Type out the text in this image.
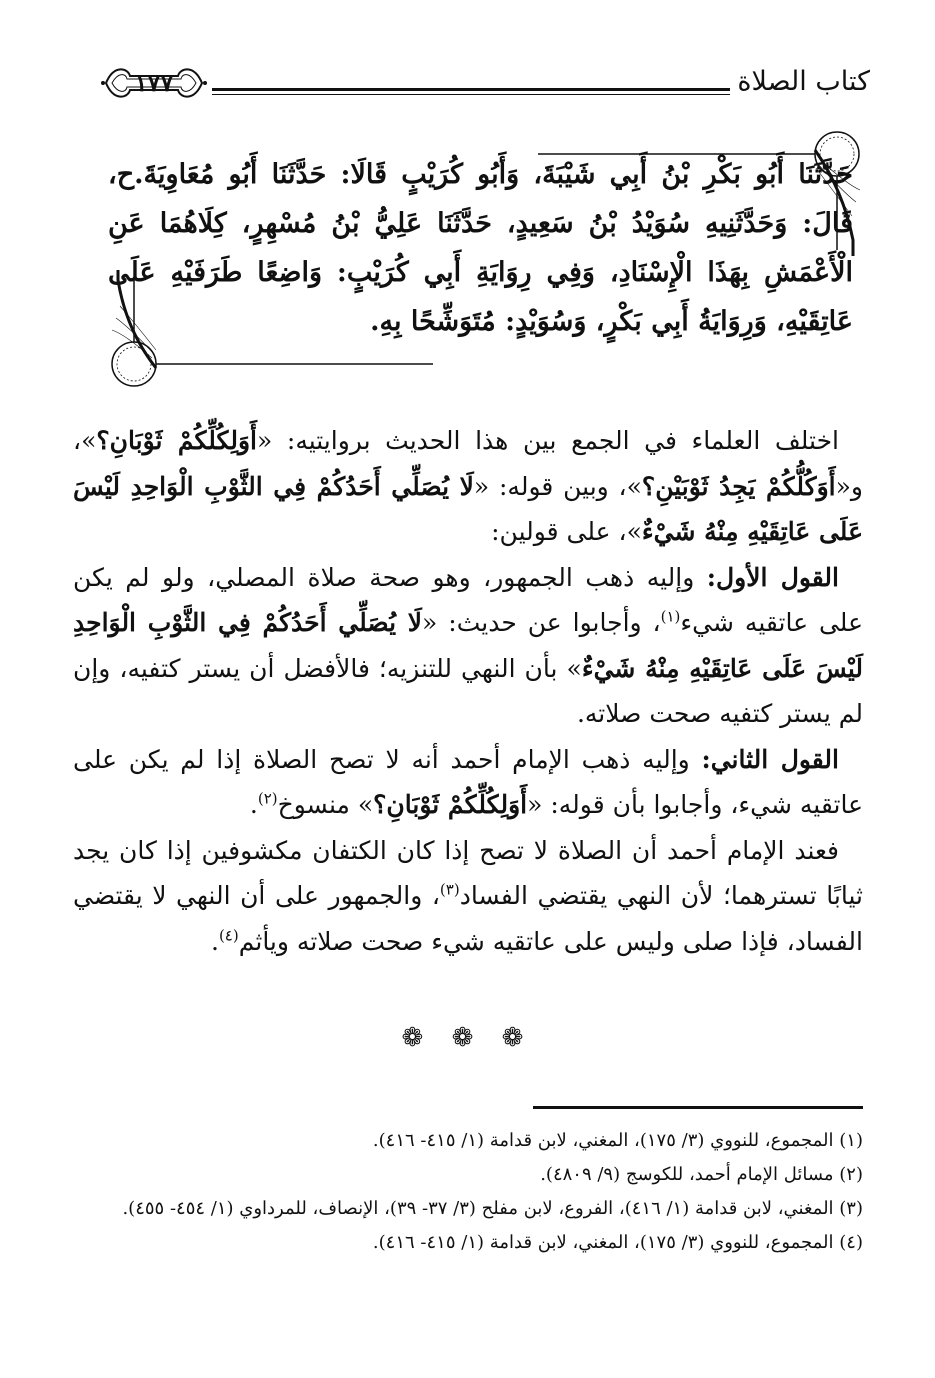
كتاب الصلاة
١٧٧
حَدَّثَنَا أَبُو بَكْرِ بْنُ أَبِي شَيْبَةَ، وَأَبُو كُرَيْبٍ قَالَا: حَدَّثَنَا أَبُو مُعَاوِيَةَ.ح، قَالَ: وَحَدَّثَنِيهِ سُوَيْدُ بْنُ سَعِيدٍ، حَدَّثَنَا عَلِيُّ بْنُ مُسْهِرٍ، كِلَاهُمَا عَنِ الْأَعْمَشِ بِهَذَا الْإِسْنَادِ، وَفِي رِوَايَةِ أَبِي كُرَيْبٍ: وَاضِعًا طَرَفَيْهِ عَلَى عَاتِقَيْهِ، وَرِوَايَةُ أَبِي بَكْرٍ، وَسُوَيْدٍ: مُتَوَشِّحًا بِهِ.

اختلف العلماء في الجمع بين هذا الحديث بروايتيه: «أَوَلِكُلِّكُمْ ثَوْبَانِ؟»، و«أَوَكُلُّكُمْ يَجِدُ ثَوْبَيْنِ؟»، وبين قوله: «لَا يُصَلِّي أَحَدُكُمْ فِي الثَّوْبِ الْوَاحِدِ لَيْسَ عَلَى عَاتِقَيْهِ مِنْهُ شَيْءٌ»، على قولين:

القول الأول: وإليه ذهب الجمهور، وهو صحة صلاة المصلي، ولو لم يكن على عاتقيه شيء$^{(١)}$، وأجابوا عن حديث: «لَا يُصَلِّي أَحَدُكُمْ فِي الثَّوْبِ الْوَاحِدِ لَيْسَ عَلَى عَاتِقَيْهِ مِنْهُ شَيْءٌ» بأن النهي للتنزيه؛ فالأفضل أن يستر كتفيه، وإن لم يستر كتفيه صحت صلاته.

القول الثاني: وإليه ذهب الإمام أحمد أنه لا تصح الصلاة إذا لم يكن على عاتقيه شيء، وأجابوا بأن قوله: «أَوَلِكُلِّكُمْ ثَوْبَانِ؟» منسوخ$^{(٢)}$.

فعند الإمام أحمد أن الصلاة لا تصح إذا كان الكتفان مكشوفين إذا كان يجد ثيابًا تسترهما؛ لأن النهي يقتضي الفساد$^{(٣)}$، والجمهور على أن النهي لا يقتضي الفساد، فإذا صلى وليس على عاتقيه شيء صحت صلاته ويأثم$^{(٤)}$.

❁ ❁ ❁

(١) المجموع، للنووي (٣/ ١٧٥)، المغني، لابن قدامة (١/ ٤١٥- ٤١٦).

(٢) مسائل الإمام أحمد، للكوسج (٩/ ٤٨٠٩).

(٣) المغني، لابن قدامة (١/ ٤١٦)، الفروع، لابن مفلح (٣/ ٣٧- ٣٩)، الإنصاف، للمرداوي (١/ ٤٥٤- ٤٥٥).

(٤) المجموع، للنووي (٣/ ١٧٥)، المغني، لابن قدامة (١/ ٤١٥- ٤١٦).
